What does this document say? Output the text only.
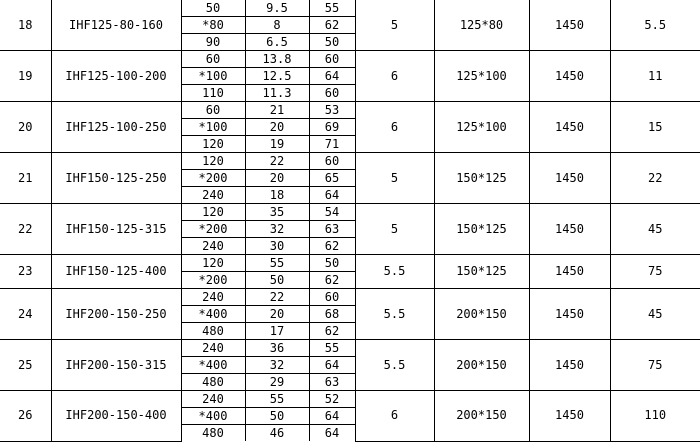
18	IHF125-80-160	50	9.5	55	5	125*80	1450	5.5
		*80	8	62				
		90	6.5	50				
19	IHF125-100-200	60	13.8	60	6	125*100	1450	11
		*100	12.5	64				
		110	11.3	60				
20	IHF125-100-250	60	21	53	6	125*100	1450	15
		*100	20	69				
		120	19	71				
21	IHF150-125-250	120	22	60	5	150*125	1450	22
		*200	20	65				
		240	18	64				
22	IHF150-125-315	120	35	54	5	150*125	1450	45
		*200	32	63				
		240	30	62				
23	IHF150-125-400	120	55	50	5.5	150*125	1450	75
		*200	50	62				
24	IHF200-150-250	240	22	60	5.5	200*150	1450	45
		*400	20	68				
		480	17	62				
25	IHF200-150-315	240	36	55	5.5	200*150	1450	75
		*400	32	64				
		480	29	63				
26	IHF200-150-400	240	55	52	6	200*150	1450	110
		*400	50	64				
		480	46	64				
